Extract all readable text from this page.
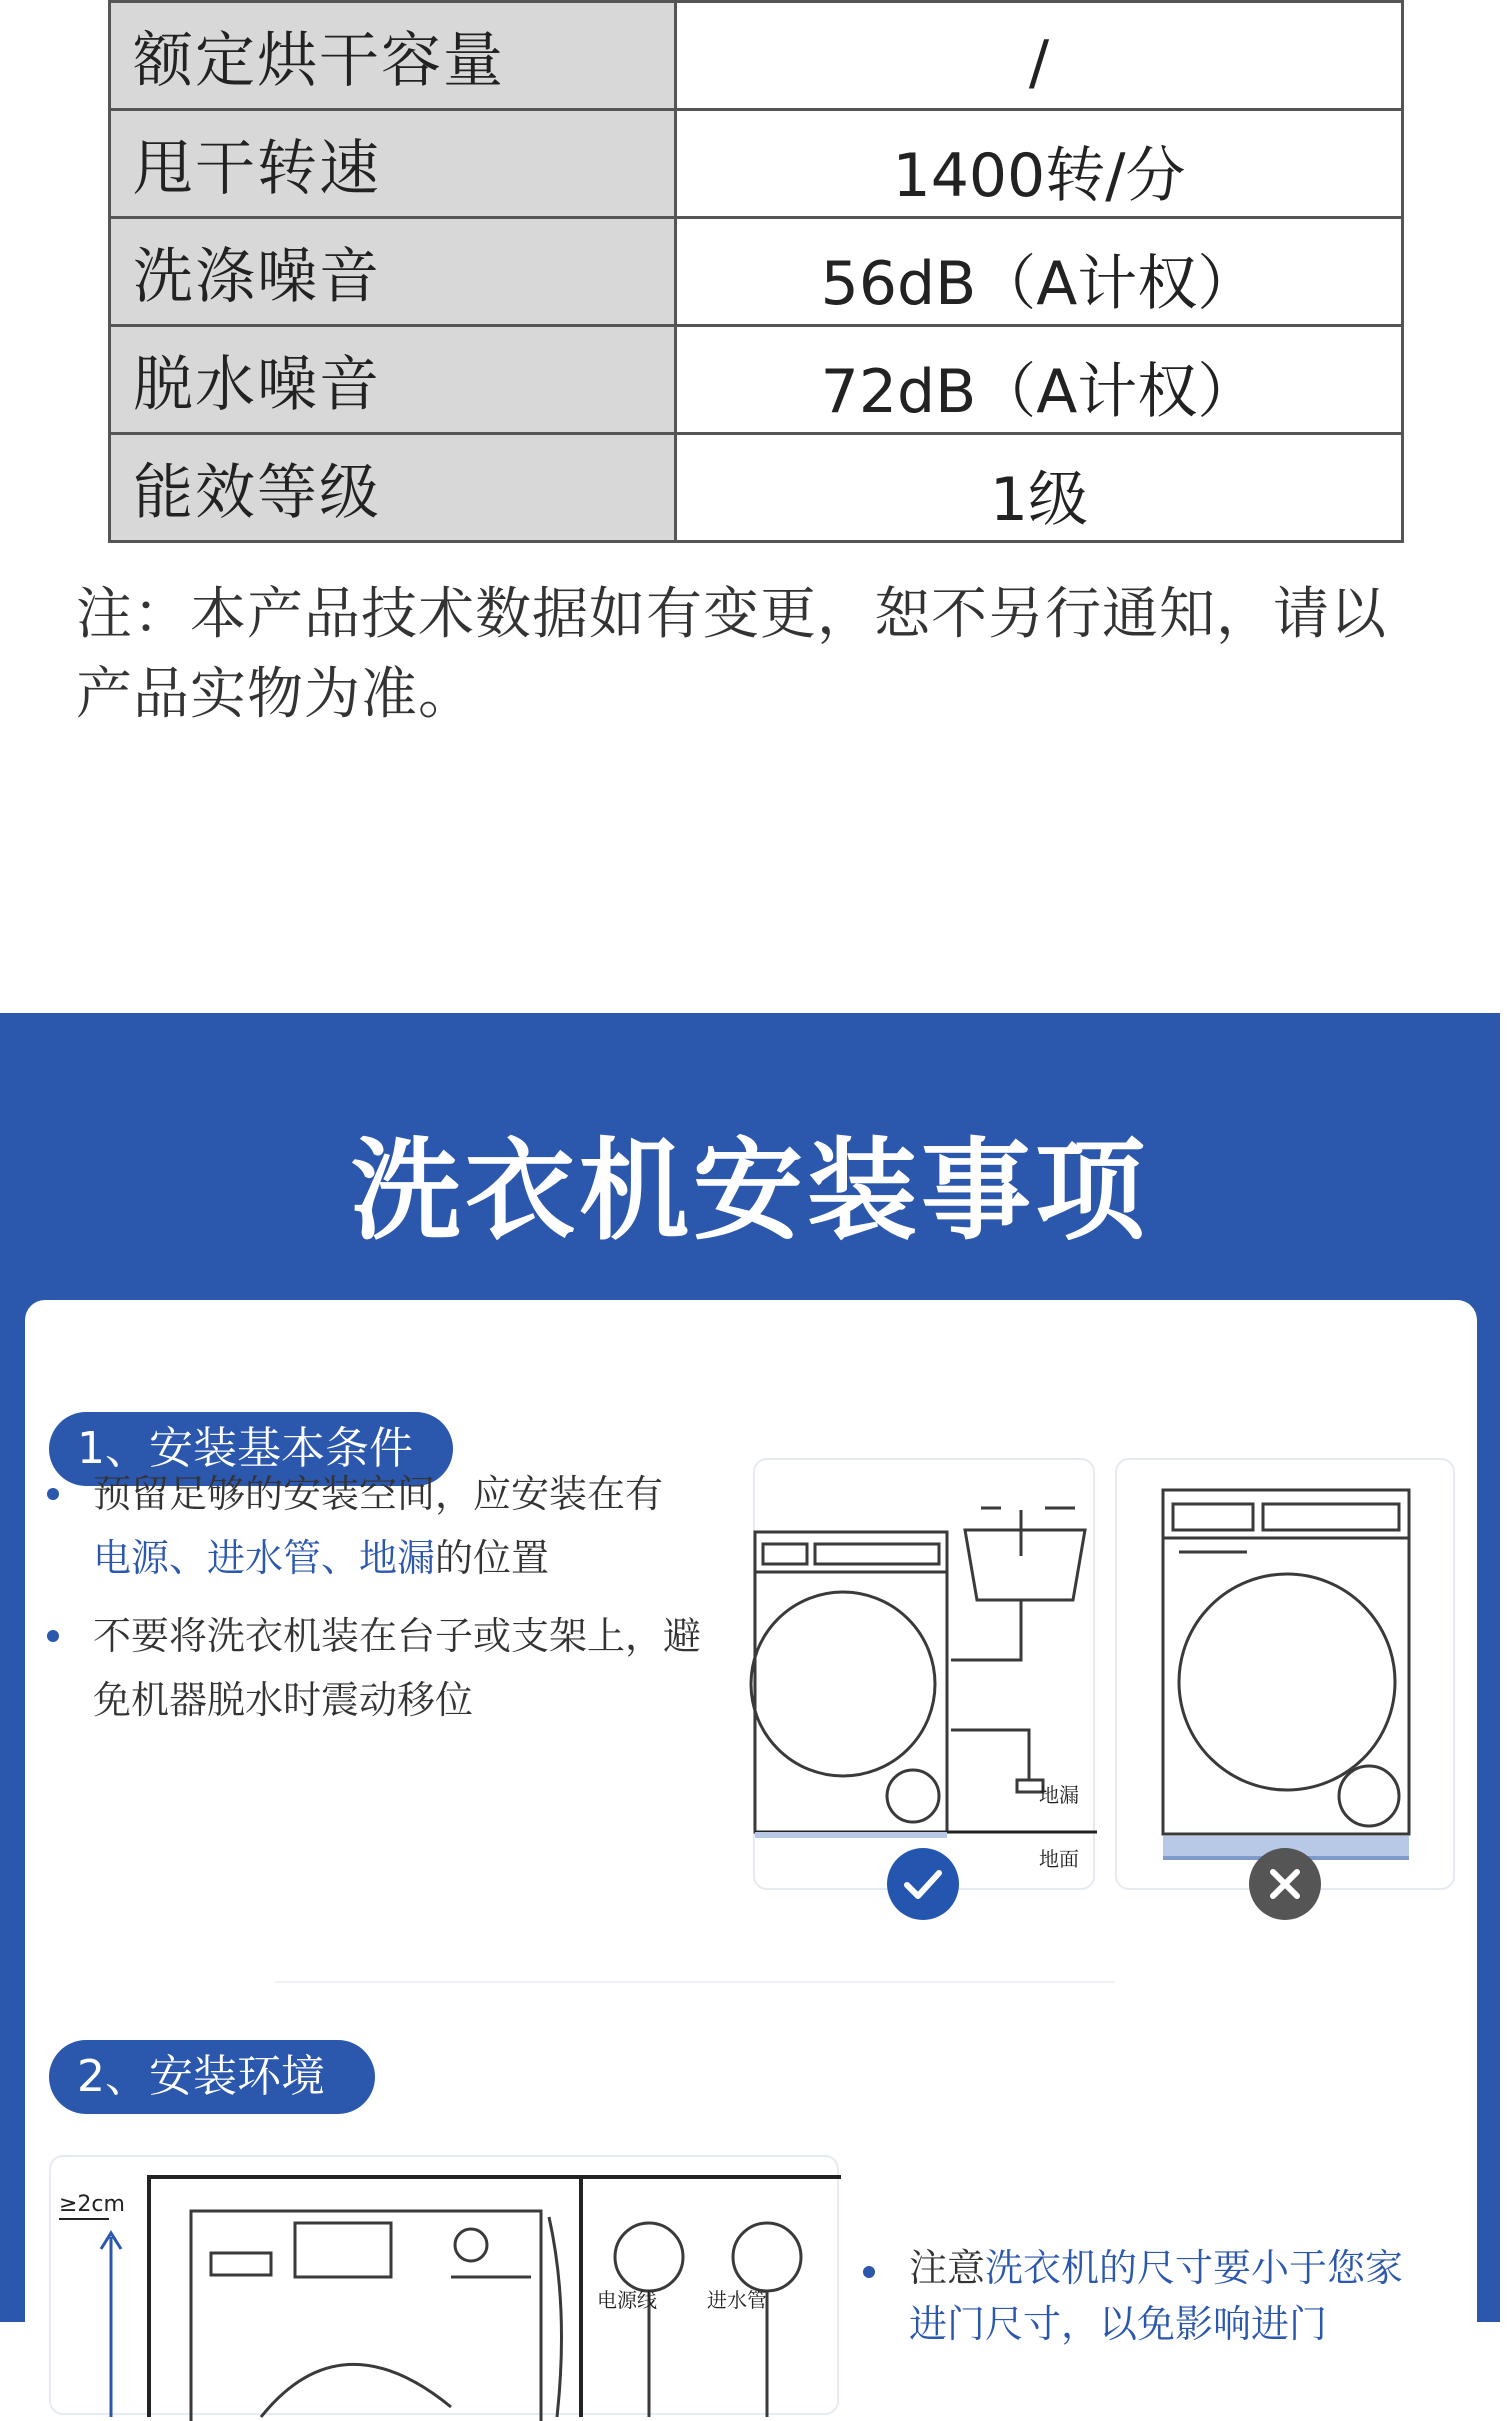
额定烘干容量	/
甩干转速	1400转/分
洗涤噪音	56dB（A计权）
脱水噪音	72dB（A计权）
能效等级	1级

注：本产品技术数据如有变更，恕不另行通知，请以产品实物为准。

洗衣机安装事项
1、安装基本条件
预留足够的安装空间，应安装在有
电源、进水管、地漏的位置
不要将洗衣机装在台子或支架上，避免机器脱水时震动移位
地漏
地面
2、安装环境
≥2cm
电源线	进水管
注意洗衣机的尺寸要小于您家
进门尺寸，以免影响进门
